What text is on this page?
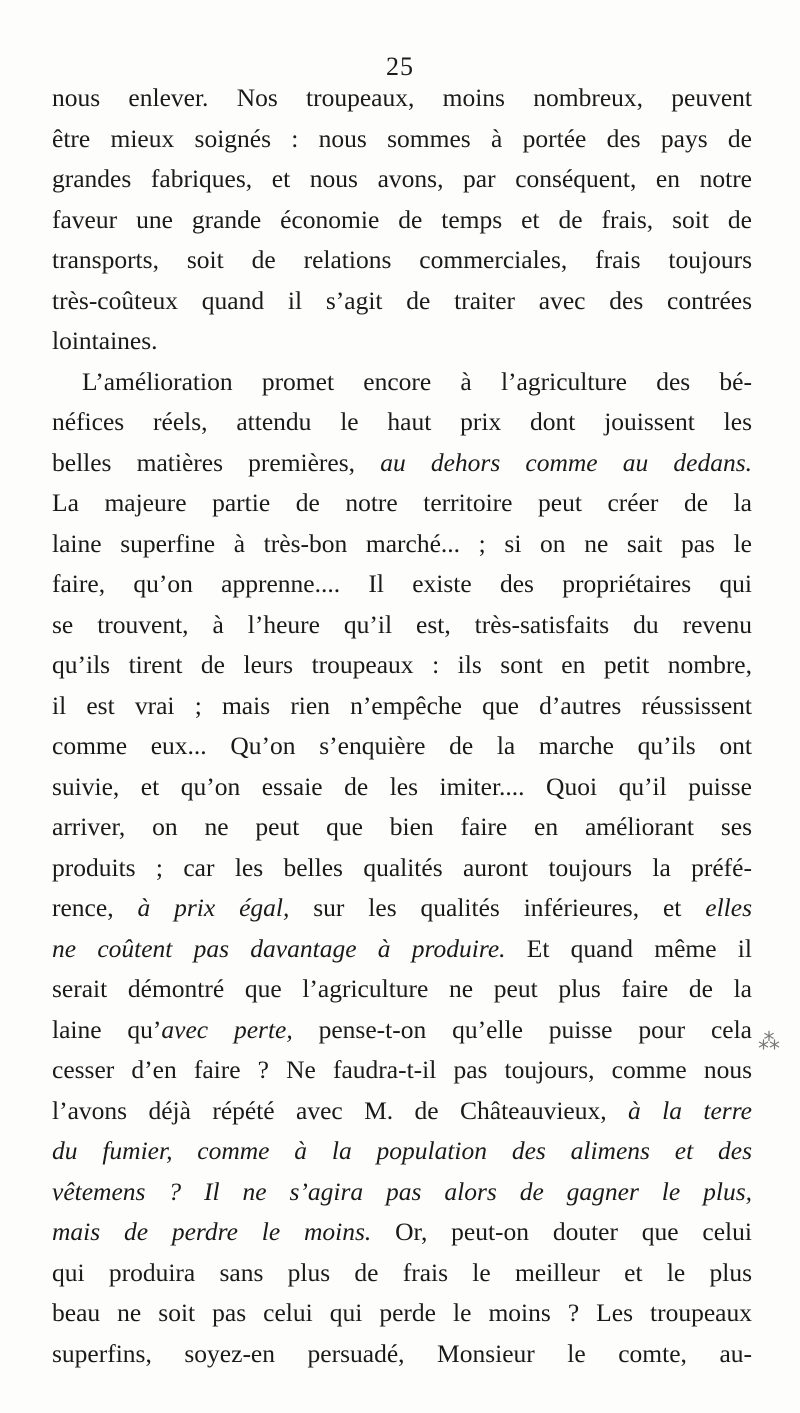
25
nous enlever. Nos troupeaux, moins nombreux, peuvent
être mieux soignés : nous sommes à portée des pays de
grandes fabriques, et nous avons, par conséquent, en notre
faveur une grande économie de temps et de frais, soit de
transports, soit de relations commerciales, frais toujours
très-coûteux quand il s’agit de traiter avec des contrées
lointaines.
L’amélioration promet encore à l’agriculture des bé-
néfices réels, attendu le haut prix dont jouissent les
belles matières premières, au dehors comme au dedans.
La majeure partie de notre territoire peut créer de la
laine superfine à très-bon marché... ; si on ne sait pas le
faire, qu’on apprenne.... Il existe des propriétaires qui
se trouvent, à l’heure qu’il est, très-satisfaits du revenu
qu’ils tirent de leurs troupeaux : ils sont en petit nombre,
il est vrai ; mais rien n’empêche que d’autres réussissent
comme eux... Qu’on s’enquière de la marche qu’ils ont
suivie, et qu’on essaie de les imiter.... Quoi qu’il puisse
arriver, on ne peut que bien faire en améliorant ses
produits ; car les belles qualités auront toujours la préfé-
rence, à prix égal, sur les qualités inférieures, et elles
ne coûtent pas davantage à produire. Et quand même il
serait démontré que l’agriculture ne peut plus faire de la
laine qu’avec perte, pense-t-on qu’elle puisse pour cela
cesser d’en faire ? Ne faudra-t-il pas toujours, comme nous
l’avons déjà répété avec M. de Châteauvieux, à la terre
du fumier, comme à la population des alimens et des
vêtemens ? Il ne s’agira pas alors de gagner le plus,
mais de perdre le moins. Or, peut-on douter que celui
qui produira sans plus de frais le meilleur et le plus
beau ne soit pas celui qui perde le moins ? Les troupeaux
superfins, soyez-en persuadé, Monsieur le comte, au-
⁂
